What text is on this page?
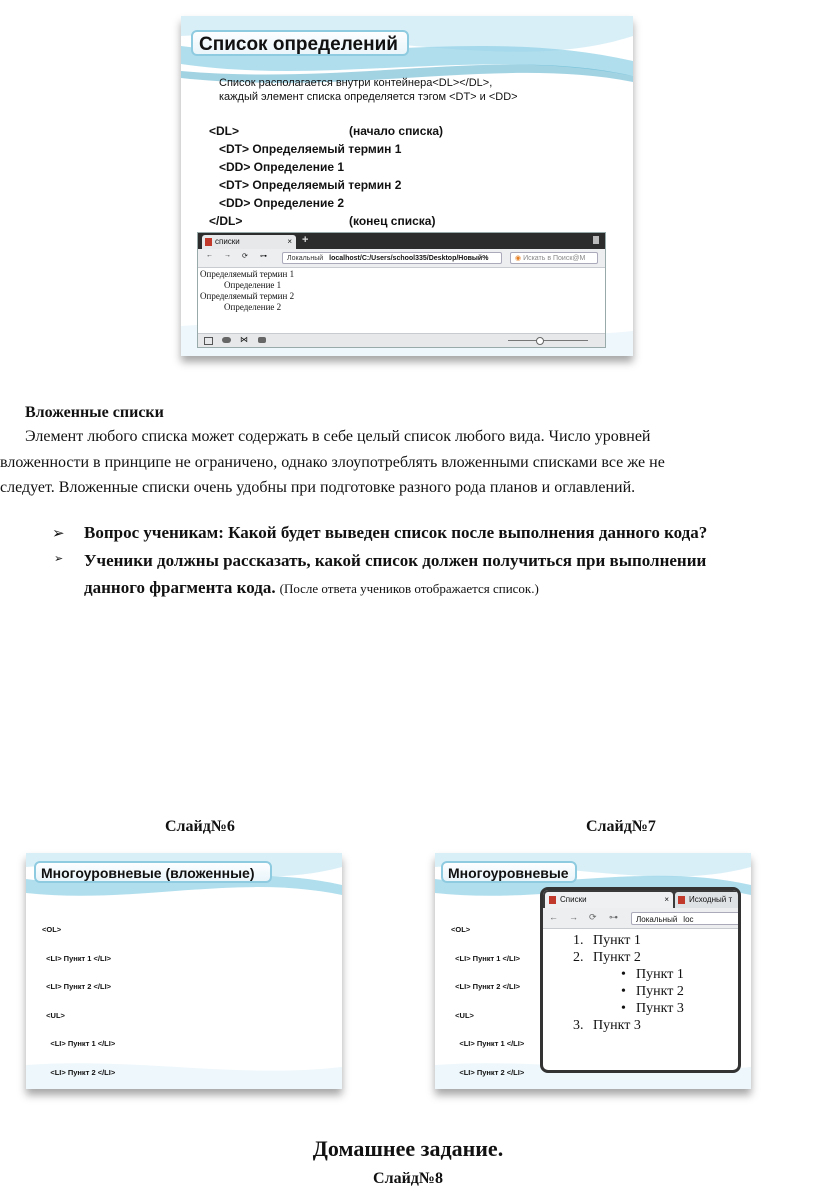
Список определений
Список располагается внутри контейнера<DL></DL>,
каждый элемент списка определяется тэгом <DT> и <DD>
<DL>	(начало списка)
<DT> Определяемый термин 1
<DD> Определение 1
<DT> Определяемый термин 2
<DD> Определение 2
</DL>	(конец списка)
списки	× +
← → ⟳ ⊶	Локальный localhost/C:/Users/school335/Desktop/Новый%	◉ Искать в Поиск@M
Определяемый термин 1
Определение 1
Определяемый термин 2
Определение 2
⋈
Вложенные списки
Элемент любого списка может содержать в себе целый список любого вида. Число уровней
вложенности в принципе не ограничено, однако злоупотреблять вложенными списками все же не
следует. Вложенные списки очень удобны при подготовке разного рода планов и оглавлений.
➢ Вопрос ученикам: Какой будет выведен список после выполнения данного кода?
➢ Ученики должны рассказать, какой список должен получиться при выполнении
данного фрагмента кода. (После ответа учеников отображается список.)
Слайд№6	Слайд№7
Многоуровневые (вложенные)

<OL>

<LI> Пункт 1 </LI>

<LI> Пункт 2 </LI>

<UL>

<LI> Пункт 1 </LI>

<LI> Пункт 2 </LI>

Многоуровневые

<OL>

<LI> Пункт 1 </LI>

<LI> Пункт 2 </LI>

<UL>

<LI> Пункт 1 </LI>

<LI> Пункт 2 </LI>

Списки	×	Исходный т
← → ⟳ ⊶	Локальный loc
1. Пункт 1
2. Пункт 2
• Пункт 1
• Пункт 2
• Пункт 3
3. Пункт 3
Домашнее задание.
Слайд№8
